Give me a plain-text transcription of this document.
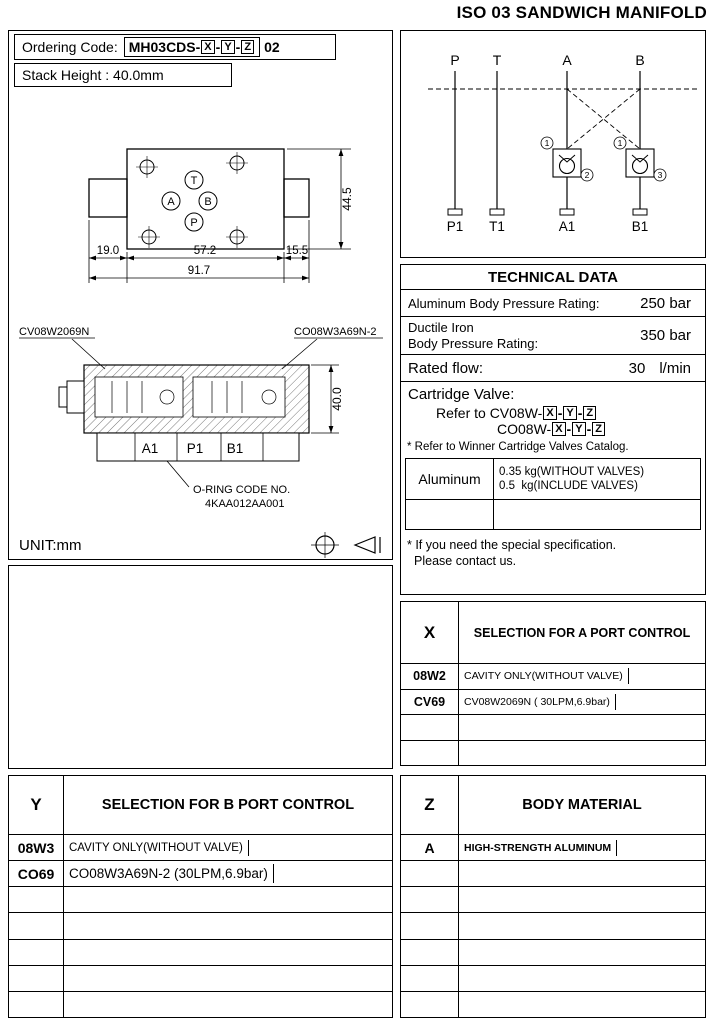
ISO 03 SANDWICH MANIFOLD
Ordering Code: MH03CDS- X - Y - Z 02
Stack Height : 40.0mm
T
A	B
P
19.0	57.2	15.5
91.7
44.5
CV08W2069N	CO08W3A69N-2
A1 P1 B1
40.0
O-RING CODE NO.
4KAA012AA001
UNIT:mm
P T	A	B
1
2
1
3
P1 T1	A1	B1
TECHNICAL DATA
Aluminum Body Pressure Rating:	250 bar
Ductile Iron
Body Pressure Rating:	350 bar
Rated flow:	30 l/min
Cartridge Valve:
Refer to CV08W- X - Y - Z
CO08W- X - Y - Z
* Refer to Winner Cartridge Valves Catalog.
Aluminum	0.35 kg(WITHOUT VALVES)
0.5  kg(INCLUDE VALVES)
* If you need the special specification.
Please contact us.
X	SELECTION FOR A PORT CONTROL
08W2	CAVITY ONLY(WITHOUT VALVE)
CV69	CV08W2069N ( 30LPM,6.9bar)
Y	SELECTION FOR B PORT CONTROL
08W3	CAVITY ONLY(WITHOUT VALVE)
CO69	CO08W3A69N-2 (30LPM,6.9bar)
Z	BODY MATERIAL
A	HIGH-STRENGTH ALUMINUM
